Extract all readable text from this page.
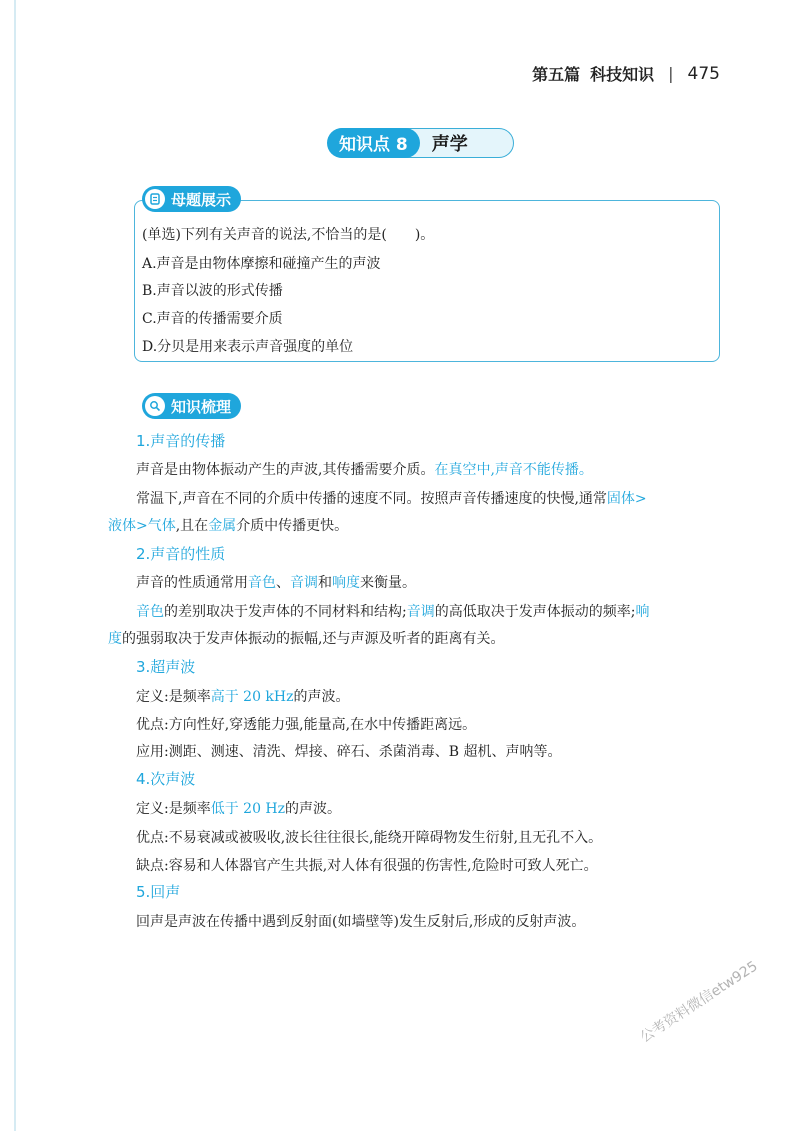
第五篇 科技知识 | 475
知识点 8	声学
母题展示
(单选)下列有关声音的说法,不恰当的是(　　)。
A.声音是由物体摩擦和碰撞产生的声波
B.声音以波的形式传播
C.声音的传播需要介质
D.分贝是用来表示声音强度的单位
知识梳理
1.声音的传播
声音是由物体振动产生的声波,其传播需要介质。在真空中,声音不能传播。
常温下,声音在不同的介质中传播的速度不同。按照声音传播速度的快慢,通常固体>
液体>气体,且在金属介质中传播更快。
2.声音的性质
声音的性质通常用音色、音调和响度来衡量。
音色的差别取决于发声体的不同材料和结构;音调的高低取决于发声体振动的频率;响
度的强弱取决于发声体振动的振幅,还与声源及听者的距离有关。
3.超声波
定义:是频率高于 20 kHz的声波。
优点:方向性好,穿透能力强,能量高,在水中传播距离远。
应用:测距、测速、清洗、焊接、碎石、杀菌消毒、B 超机、声呐等。
4.次声波
定义:是频率低于 20 Hz的声波。
优点:不易衰减或被吸收,波长往往很长,能绕开障碍物发生衍射,且无孔不入。
缺点:容易和人体器官产生共振,对人体有很强的伤害性,危险时可致人死亡。
5.回声
回声是声波在传播中遇到反射面(如墙壁等)发生反射后,形成的反射声波。
公考资料微信etw925
